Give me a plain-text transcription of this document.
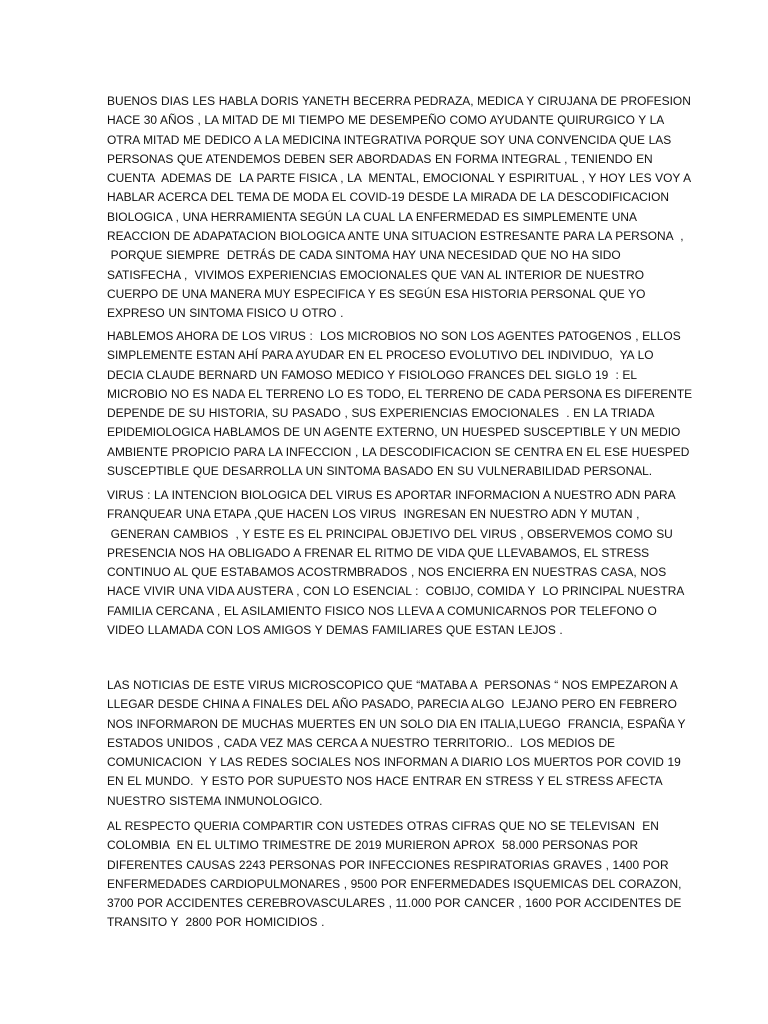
BUENOS DIAS LES HABLA DORIS YANETH BECERRA PEDRAZA, MEDICA Y CIRUJANA DE PROFESION
HACE 30 AÑOS , LA MITAD DE MI TIEMPO ME DESEMPEÑO COMO AYUDANTE QUIRURGICO Y LA
OTRA MITAD ME DEDICO A LA MEDICINA INTEGRATIVA PORQUE SOY UNA CONVENCIDA QUE LAS
PERSONAS QUE ATENDEMOS DEBEN SER ABORDADAS EN FORMA INTEGRAL , TENIENDO EN
CUENTA  ADEMAS DE  LA PARTE FISICA , LA  MENTAL, EMOCIONAL Y ESPIRITUAL , Y HOY LES VOY A
HABLAR ACERCA DEL TEMA DE MODA EL COVID-19 DESDE LA MIRADA DE LA DESCODIFICACION
BIOLOGICA , UNA HERRAMIENTA SEGÚN LA CUAL LA ENFERMEDAD ES SIMPLEMENTE UNA
REACCION DE ADAPATACION BIOLOGICA ANTE UNA SITUACION ESTRESANTE PARA LA PERSONA  ,
PORQUE SIEMPRE  DETRÁS DE CADA SINTOMA HAY UNA NECESIDAD QUE NO HA SIDO
SATISFECHA ,  VIVIMOS EXPERIENCIAS EMOCIONALES QUE VAN AL INTERIOR DE NUESTRO
CUERPO DE UNA MANERA MUY ESPECIFICA Y ES SEGÚN ESA HISTORIA PERSONAL QUE YO
EXPRESO UN SINTOMA FISICO U OTRO .
HABLEMOS AHORA DE LOS VIRUS :  LOS MICROBIOS NO SON LOS AGENTES PATOGENOS , ELLOS
SIMPLEMENTE ESTAN AHÍ PARA AYUDAR EN EL PROCESO EVOLUTIVO DEL INDIVIDUO,  YA LO
DECIA CLAUDE BERNARD UN FAMOSO MEDICO Y FISIOLOGO FRANCES DEL SIGLO 19  : EL
MICROBIO NO ES NADA EL TERRENO LO ES TODO, EL TERRENO DE CADA PERSONA ES DIFERENTE
DEPENDE DE SU HISTORIA, SU PASADO , SUS EXPERIENCIAS EMOCIONALES  . EN LA TRIADA
EPIDEMIOLOGICA HABLAMOS DE UN AGENTE EXTERNO, UN HUESPED SUSCEPTIBLE Y UN MEDIO
AMBIENTE PROPICIO PARA LA INFECCION , LA DESCODIFICACION SE CENTRA EN EL ESE HUESPED
SUSCEPTIBLE QUE DESARROLLA UN SINTOMA BASADO EN SU VULNERABILIDAD PERSONAL.
VIRUS : LA INTENCION BIOLOGICA DEL VIRUS ES APORTAR INFORMACION A NUESTRO ADN PARA
FRANQUEAR UNA ETAPA ,QUE HACEN LOS VIRUS  INGRESAN EN NUESTRO ADN Y MUTAN ,
GENERAN CAMBIOS  , Y ESTE ES EL PRINCIPAL OBJETIVO DEL VIRUS , OBSERVEMOS COMO SU
PRESENCIA NOS HA OBLIGADO A FRENAR EL RITMO DE VIDA QUE LLEVABAMOS, EL STRESS
CONTINUO AL QUE ESTABAMOS ACOSTRMBRADOS , NOS ENCIERRA EN NUESTRAS CASA, NOS
HACE VIVIR UNA VIDA AUSTERA , CON LO ESENCIAL :  COBIJO, COMIDA Y  LO PRINCIPAL NUESTRA
FAMILIA CERCANA , EL ASILAMIENTO FISICO NOS LLEVA A COMUNICARNOS POR TELEFONO O
VIDEO LLAMADA CON LOS AMIGOS Y DEMAS FAMILIARES QUE ESTAN LEJOS .
LAS NOTICIAS DE ESTE VIRUS MICROSCOPICO QUE “MATABA A  PERSONAS “ NOS EMPEZARON A
LLEGAR DESDE CHINA A FINALES DEL AÑO PASADO, PARECIA ALGO  LEJANO PERO EN FEBRERO
NOS INFORMARON DE MUCHAS MUERTES EN UN SOLO DIA EN ITALIA,LUEGO  FRANCIA, ESPAÑA Y
ESTADOS UNIDOS , CADA VEZ MAS CERCA A NUESTRO TERRITORIO..  LOS MEDIOS DE
COMUNICACION  Y LAS REDES SOCIALES NOS INFORMAN A DIARIO LOS MUERTOS POR COVID 19
EN EL MUNDO.  Y ESTO POR SUPUESTO NOS HACE ENTRAR EN STRESS Y EL STRESS AFECTA
NUESTRO SISTEMA INMUNOLOGICO.
AL RESPECTO QUERIA COMPARTIR CON USTEDES OTRAS CIFRAS QUE NO SE TELEVISAN  EN
COLOMBIA  EN EL ULTIMO TRIMESTRE DE 2019 MURIERON APROX  58.000 PERSONAS POR
DIFERENTES CAUSAS 2243 PERSONAS POR INFECCIONES RESPIRATORIAS GRAVES , 1400 POR
ENFERMEDADES CARDIOPULMONARES , 9500 POR ENFERMEDADES ISQUEMICAS DEL CORAZON,
3700 POR ACCIDENTES CEREBROVASCULARES , 11.000 POR CANCER , 1600 POR ACCIDENTES DE
TRANSITO Y  2800 POR HOMICIDIOS .
